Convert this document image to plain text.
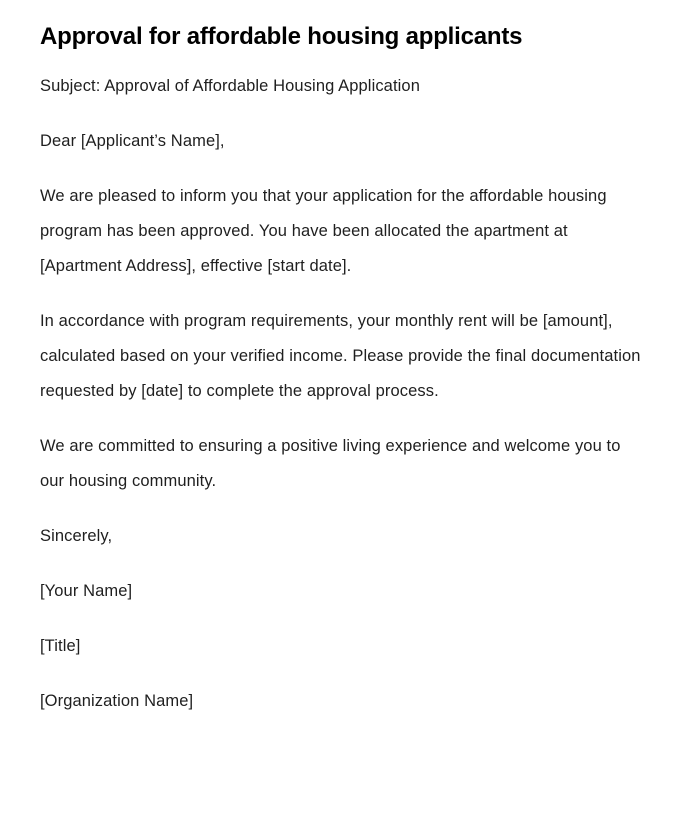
Approval for affordable housing applicants

Subject: Approval of Affordable Housing Application

Dear [Applicant’s Name],

We are pleased to inform you that your application for the affordable housing program has been approved. You have been allocated the apartment at [Apartment Address], effective [start date].

In accordance with program requirements, your monthly rent will be [amount], calculated based on your verified income. Please provide the final documentation requested by [date] to complete the approval process.

We are committed to ensuring a positive living experience and welcome you to our housing community.

Sincerely,

[Your Name]

[Title]

[Organization Name]
